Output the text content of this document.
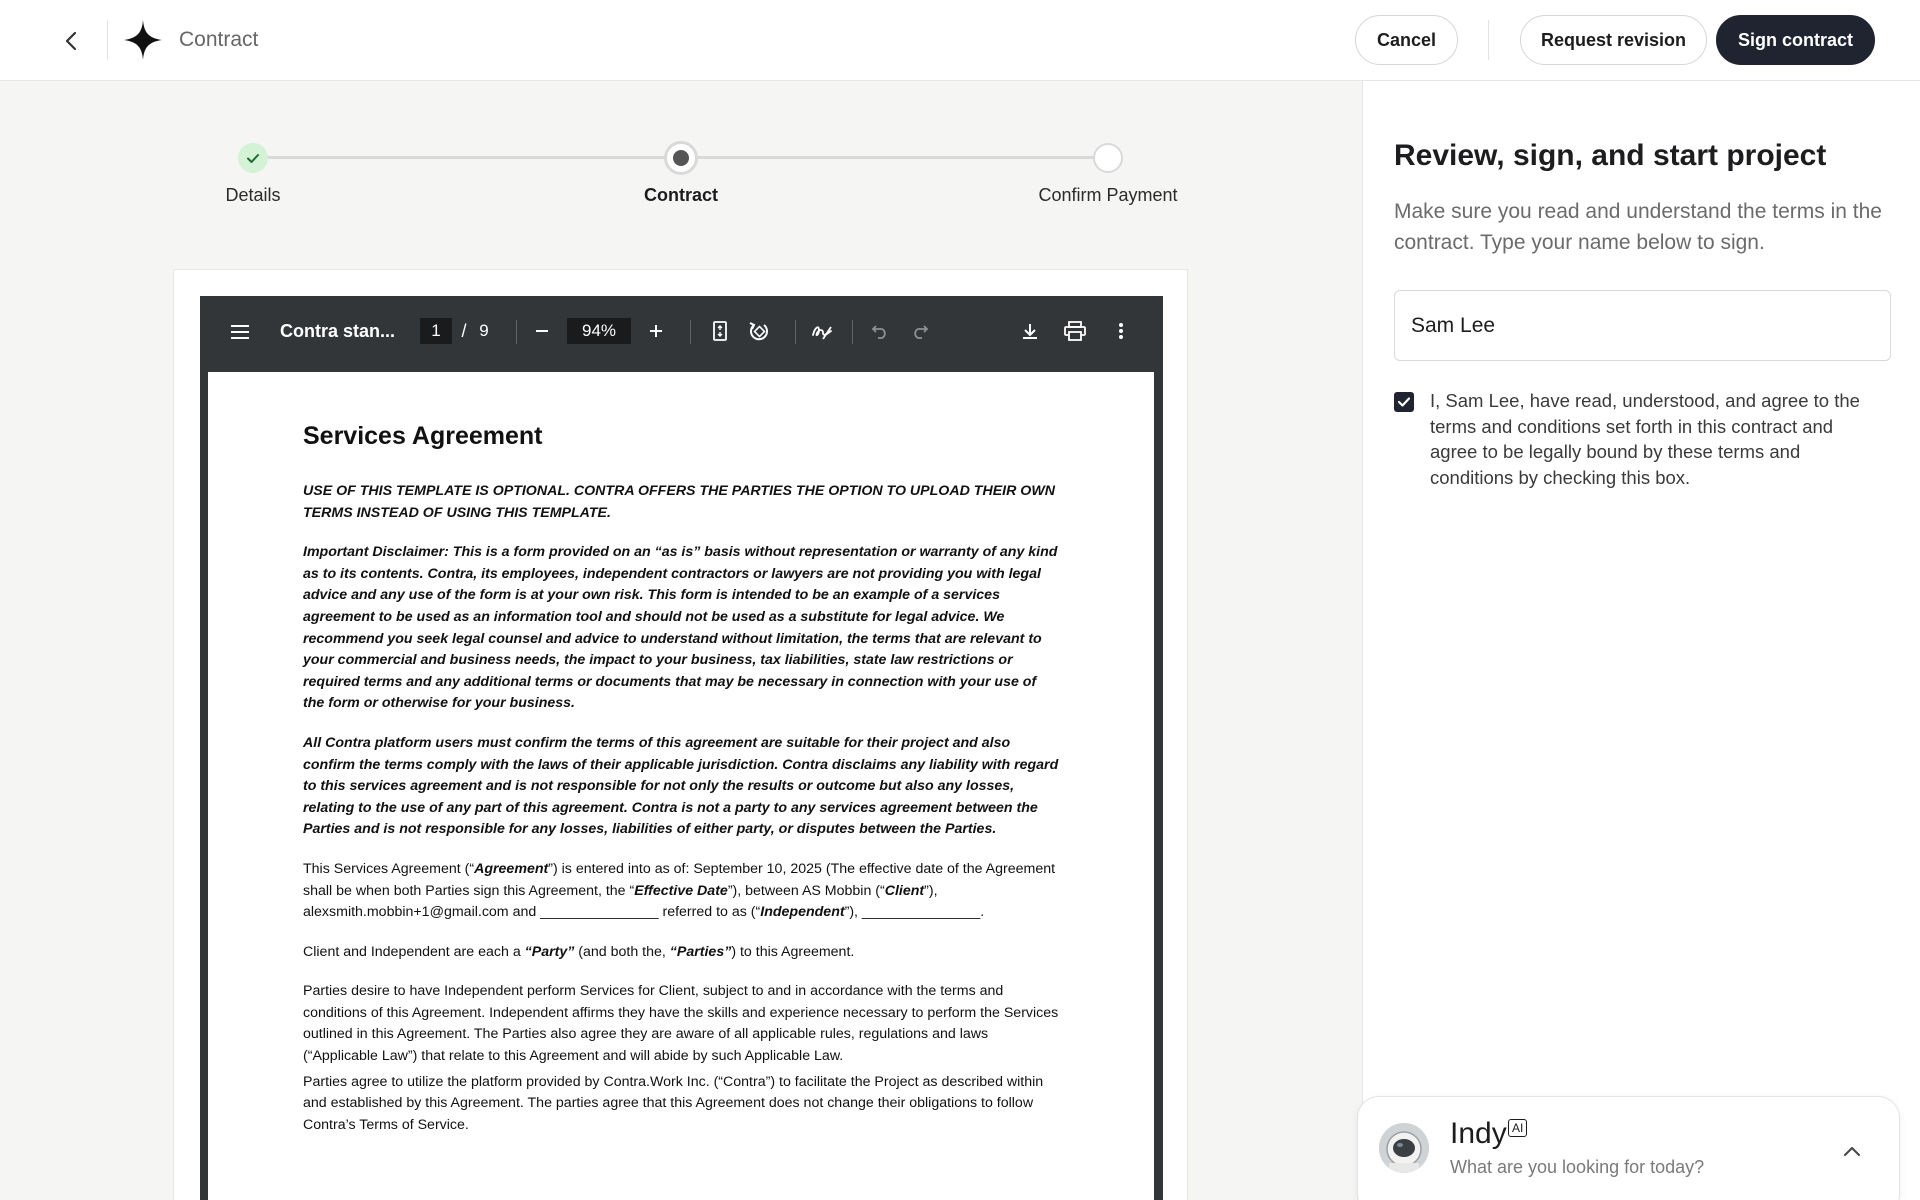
Contract	Cancel	Request revision	Sign contract
Details	Contract	Confirm Payment
Contra stan...	1	/ 9	94%
Services Agreement

USE OF THIS TEMPLATE IS OPTIONAL. CONTRA OFFERS THE PARTIES THE OPTION TO UPLOAD THEIR OWN TERMS INSTEAD OF USING THIS TEMPLATE.

Important Disclaimer: This is a form provided on an “as is” basis without representation or warranty of any kind as to its contents. Contra, its employees, independent contractors or lawyers are not providing you with legal advice and any use of the form is at your own risk. This form is intended to be an example of a services agreement to be used as an information tool and should not be used as a substitute for legal advice. We recommend you seek legal counsel and advice to understand without limitation, the terms that are relevant to your commercial and business needs, the impact to your business, tax liabilities, state law restrictions or required terms and any additional terms or documents that may be necessary in connection with your use of the form or otherwise for your business.

All Contra platform users must confirm the terms of this agreement are suitable for their project and also confirm the terms comply with the laws of their applicable jurisdiction. Contra disclaims any liability with regard to this services agreement and is not responsible for not only the results or outcome but also any losses, relating to the use of any part of this agreement. Contra is not a party to any services agreement between the Parties and is not responsible for any losses, liabilities of either party, or disputes between the Parties.

This Services Agreement (“Agreement”) is entered into as of: September 10, 2025 (The effective date of the Agreement shall be when both Parties sign this Agreement, the “Effective Date”), between AS Mobbin (“Client”), alexsmith.mobbin+1@gmail.com and _______________ referred to as (“Independent”), _______________.

Client and Independent are each a “Party” (and both the, “Parties”) to this Agreement.

Parties desire to have Independent perform Services for Client, subject to and in accordance with the terms and conditions of this Agreement. Independent affirms they have the skills and experience necessary to perform the Services outlined in this Agreement. The Parties also agree they are aware of all applicable rules, regulations and laws (“Applicable Law”) that relate to this Agreement and will abide by such Applicable Law.

Parties agree to utilize the platform provided by Contra.Work Inc. (“Contra”) to facilitate the Project as described within and established by this Agreement. The parties agree that this Agreement does not change their obligations to follow Contra’s Terms of Service.

Review, sign, and start project
Make sure you read and understand the terms in the contract. Type your name below to sign.
Sam Lee
I, Sam Lee, have read, understood, and agree to the terms and conditions set forth in this contract and agree to be legally bound by these terms and conditions by checking this box.
Indy AI
What are you looking for today?
